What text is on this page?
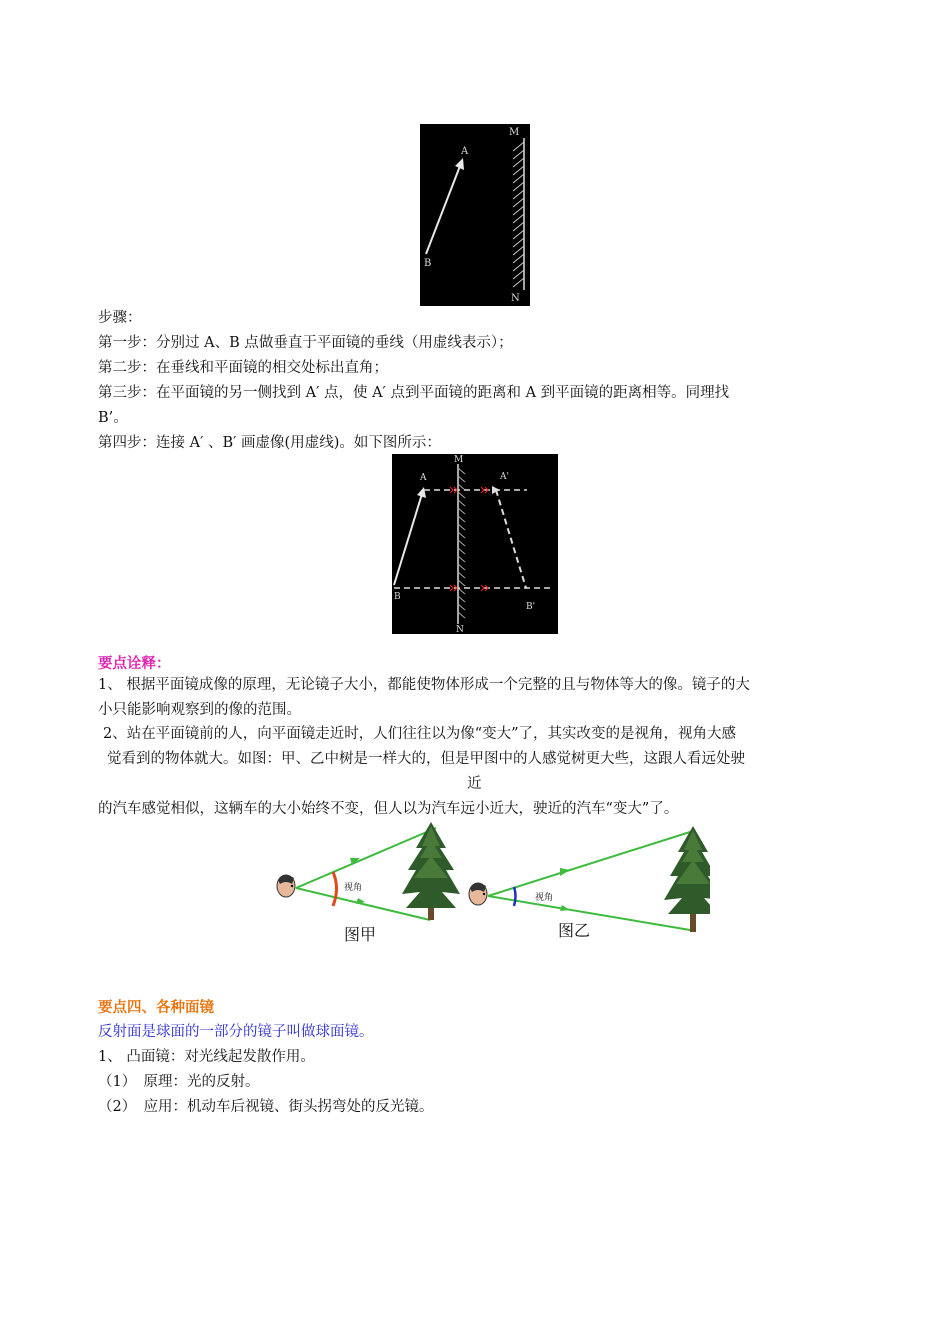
M
N
A
B
步骤：
第一步：分别过 A、B 点做垂直于平面镜的垂线（用虚线表示）；
第二步：在垂线和平面镜的相交处标出直角；
第三步：在平面镜的另一侧找到 A′ 点，使 A′ 点到平面镜的距离和 A 到平面镜的距离相等。同理找
B’。
第四步：连接 A′ 、B′ 画虚像(用虚线)。如下图所示：
M
N
A
B
A'
B'
要点诠释：
1、 根据平面镜成像的原理，无论镜子大小，都能使物体形成一个完整的且与物体等大的像。镜子的大
小只能影响观察到的像的范围。
2、站在平面镜前的人，向平面镜走近时，人们往往以为像“变大”了，其实改变的是视角，视角大感
觉看到的物体就大。如图：甲、乙中树是一样大的，但是甲图中的人感觉树更大些，这跟人看远处驶
近
的汽车感觉相似，这辆车的大小始终不变，但人以为汽车远小近大，驶近的汽车“变大”了。
视角
图甲
视角
图乙
要点四、各种面镜
反射面是球面的一部分的镜子叫做球面镜。
1、 凸面镜：对光线起发散作用。
（1）　原理：光的反射。
（2）　应用：机动车后视镜、街头拐弯处的反光镜。
